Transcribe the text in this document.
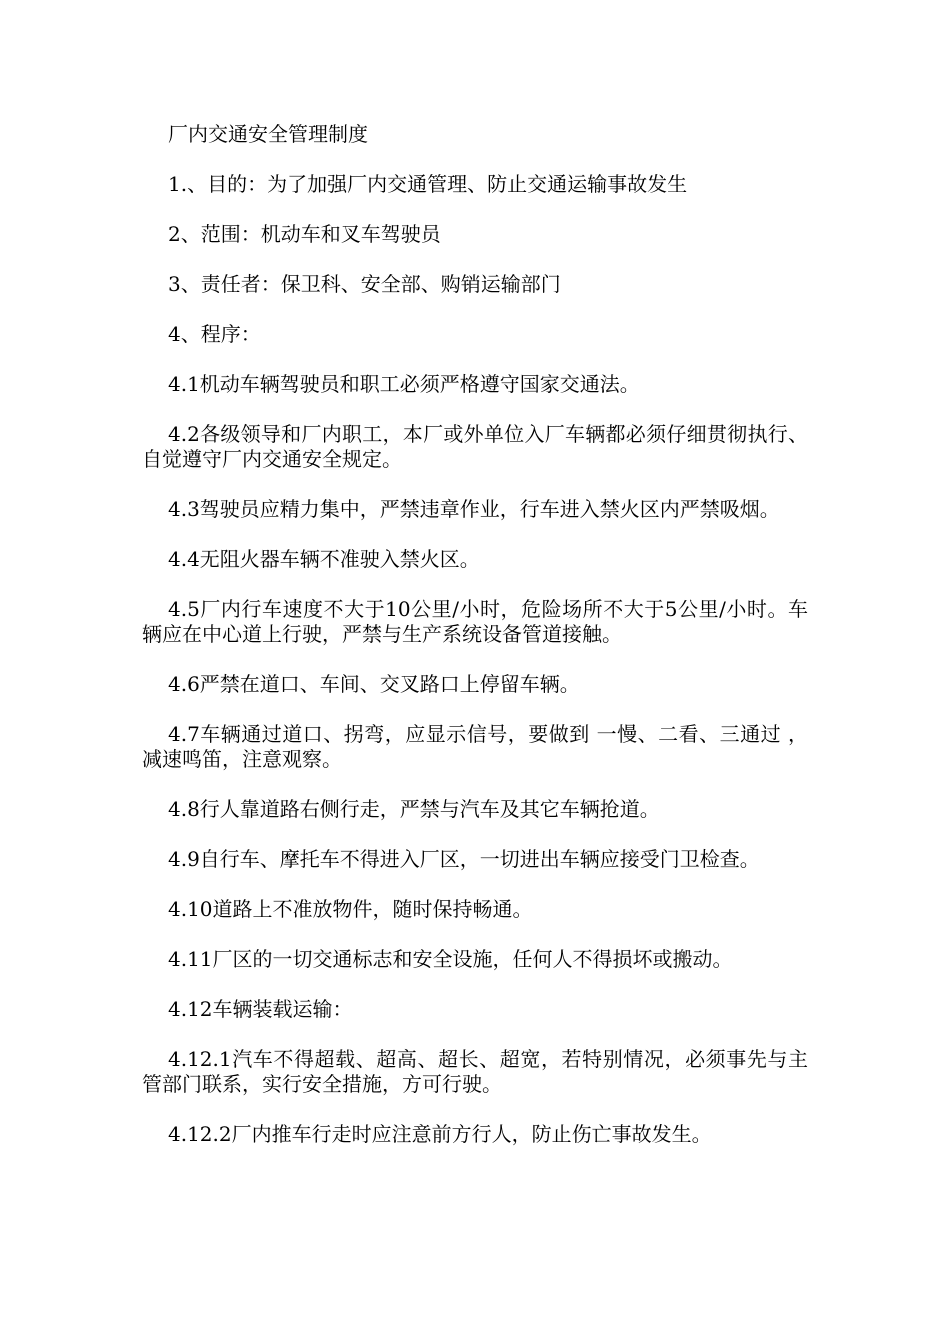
厂内交通安全管理制度

1.、目的：为了加强厂内交通管理、防止交通运输事故发生

2、范围：机动车和叉车驾驶员

3、责任者：保卫科、安全部、购销运输部门

4、程序：

4.1机动车辆驾驶员和职工必须严格遵守国家交通法。

4.2各级领导和厂内职工，本厂或外单位入厂车辆都必须仔细贯彻执行、自觉遵守厂内交通安全规定。

4.3驾驶员应精力集中，严禁违章作业，行车进入禁火区内严禁吸烟。

4.4无阻火器车辆不准驶入禁火区。

4.5厂内行车速度不大于10公里/小时，危险场所不大于5公里/小时。车辆应在中心道上行驶，严禁与生产系统设备管道接触。

4.6严禁在道口、车间、交叉路口上停留车辆。

4.7车辆通过道口、拐弯，应显示信号，要做到 一慢、二看、三通过 ，减速鸣笛，注意观察。

4.8行人靠道路右侧行走，严禁与汽车及其它车辆抢道。

4.9自行车、摩托车不得进入厂区，一切进出车辆应接受门卫检查。

4.10道路上不准放物件，随时保持畅通。

4.11厂区的一切交通标志和安全设施，任何人不得损坏或搬动。

4.12车辆装载运输：

4.12.1汽车不得超载、超高、超长、超宽，若特别情况，必须事先与主管部门联系，实行安全措施，方可行驶。

4.12.2厂内推车行走时应注意前方行人，防止伤亡事故发生。
